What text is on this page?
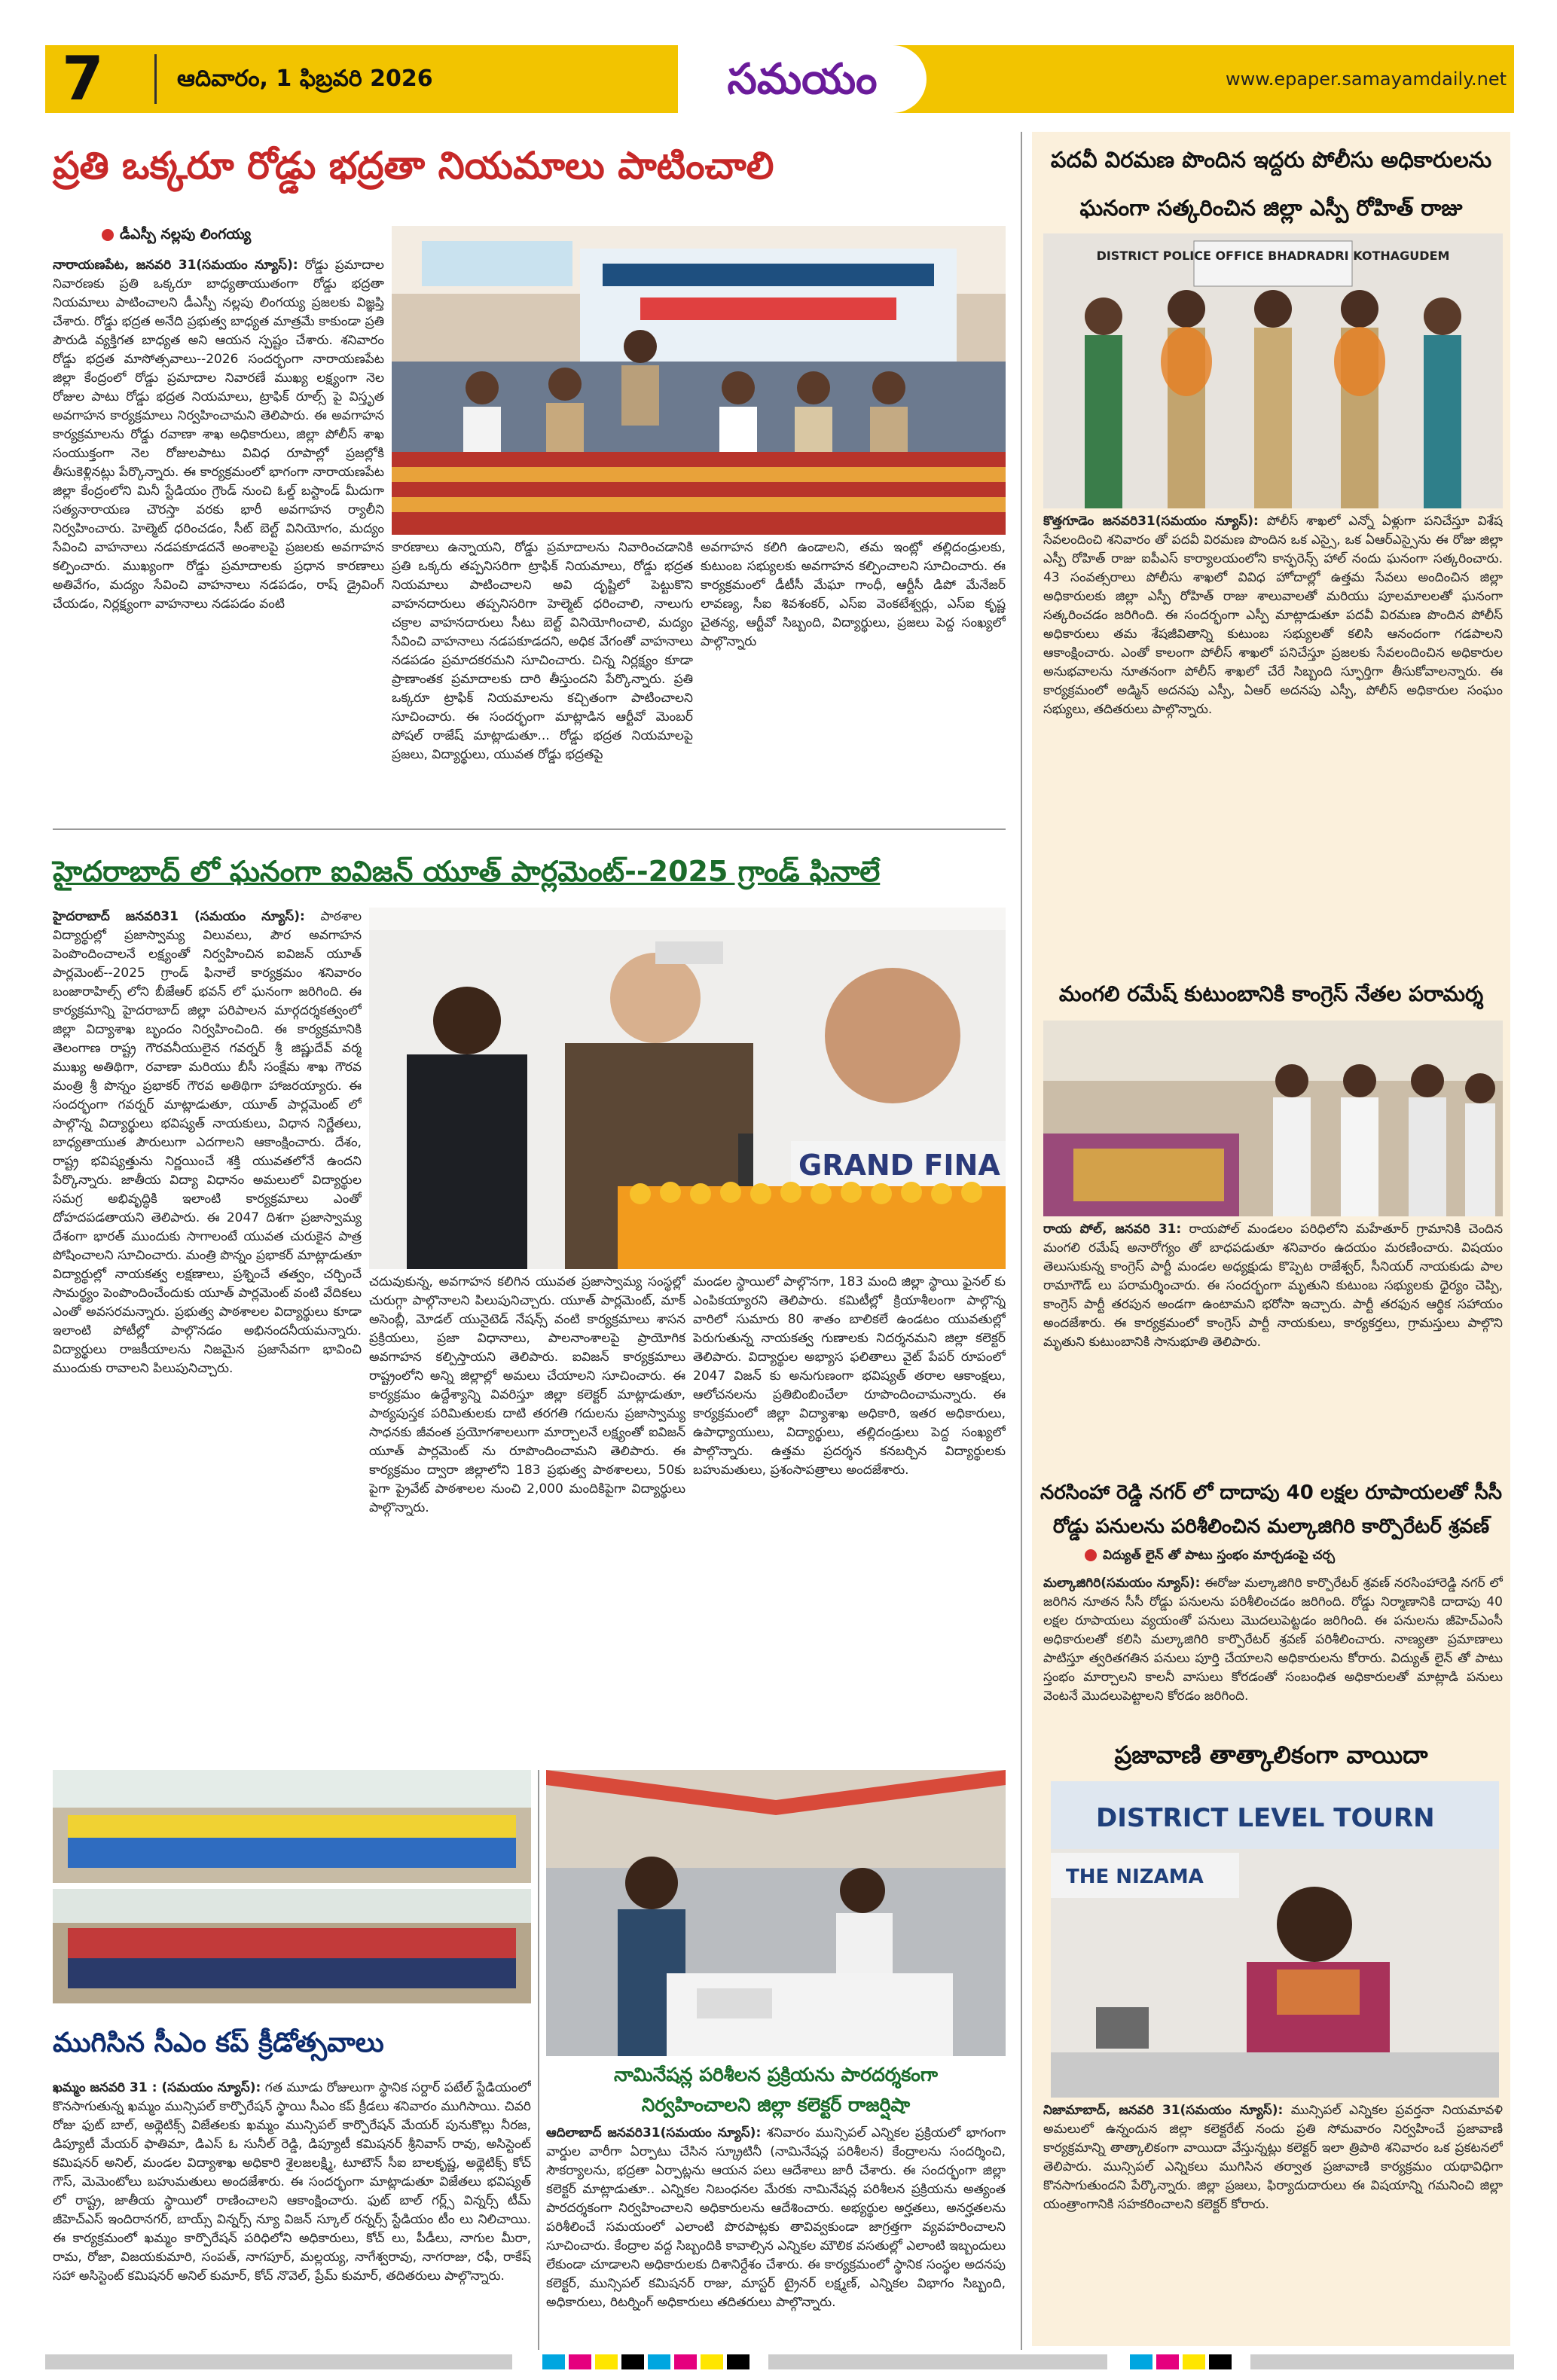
7	ఆదివారం, 1 ఫిబ్రవరి 2026	సమయం	www.epaper.samayamdaily.net
ప్రతి ఒక్కరూ రోడ్డు భద్రతా నియమాలు పాటించాలి
డీఎస్పీ నల్లపు లింగయ్య
నారాయణపేట, జనవరి 31(సమయం న్యూస్): రోడ్డు ప్రమాదాల నివారణకు ప్రతి ఒక్కరూ బాధ్యతాయుతంగా రోడ్డు భద్రతా నియమాలు పాటించాలని డీఎస్పీ నల్లపు లింగయ్య ప్రజలకు విజ్ఞప్తి చేశారు. రోడ్డు భద్రత అనేది ప్రభుత్వ బాధ్యత మాత్రమే కాకుండా ప్రతి పౌరుడి వ్యక్తిగత బాధ్యత అని ఆయన స్పష్టం చేశారు. శనివారం రోడ్డు భద్రత మాసోత్సవాలు--2026 సందర్భంగా నారాయణపేట జిల్లా కేంద్రంలో రోడ్డు ప్రమాదాల నివారణే ముఖ్య లక్ష్యంగా నెల రోజుల పాటు రోడ్డు భద్రత నియమాలు, ట్రాఫిక్ రూల్స్ పై విస్తృత అవగాహన కార్యక్రమాలు నిర్వహించామని తెలిపారు. ఈ అవగాహన కార్యక్రమాలను రోడ్డు రవాణా శాఖ అధికారులు, జిల్లా పోలీస్ శాఖ సంయుక్తంగా నెల రోజులపాటు వివిధ రూపాల్లో ప్రజల్లోకి తీసుకెళ్లినట్లు పేర్కొన్నారు. ఈ కార్యక్రమంలో భాగంగా నారాయణపేట జిల్లా కేంద్రంలోని మినీ స్టేడియం గ్రౌండ్ నుంచి ఓల్డ్ బస్టాండ్ మీదుగా సత్యనారాయణ చౌరస్తా వరకు భారీ అవగాహన ర్యాలీని నిర్వహించారు. హెల్మెట్ ధరించడం, సీట్ బెల్ట్ వినియోగం, మద్యం సేవించి వాహనాలు నడపకూడదనే అంశాలపై ప్రజలకు అవగాహన కల్పించారు. ముఖ్యంగా రోడ్డు ప్రమాదాలకు ప్రధాన కారణాలు అతివేగం, మద్యం సేవించి వాహనాలు నడపడం, రాష్ డ్రైవింగ్ చేయడం, నిర్లక్ష్యంగా వాహనాలు నడపడం వంటి
కారణాలు ఉన్నాయని, రోడ్డు ప్రమాదాలను నివారించడానికి ప్రతి ఒక్కరు తప్పనిసరిగా ట్రాఫిక్ నియమాలు, రోడ్డు భద్రత నియమాలు పాటించాలని అవి దృష్టిలో పెట్టుకొని వాహనదారులు తప్పనిసరిగా హెల్మెట్ ధరించాలి, నాలుగు చక్రాల వాహనదారులు సీటు బెల్ట్ వినియోగించాలి, మద్యం సేవించి వాహనాలు నడపకూడదని, అధిక వేగంతో వాహనాలు నడపడం ప్రమాదకరమని సూచించారు. చిన్న నిర్లక్ష్యం కూడా ప్రాణాంతక ప్రమాదాలకు దారి తీస్తుందని పేర్కొన్నారు. ప్రతి ఒక్కరూ ట్రాఫిక్ నియమాలను కచ్చితంగా పాటించాలని సూచించారు. ఈ సందర్భంగా మాట్లాడిన ఆర్టీవో మెంబర్ పోషల్ రాజేష్ మాట్లాడుతూ... రోడ్డు భద్రత నియమాలపై ప్రజలు, విద్యార్థులు, యువత రోడ్డు భద్రతపై
అవగాహన కలిగి ఉండాలని, తమ ఇంట్లో తల్లిదండ్రులకు, కుటుంబ సభ్యులకు అవగాహన కల్పించాలని సూచించారు. ఈ కార్యక్రమంలో డీటీసీ మేఘా గాంధీ, ఆర్టీసీ డిపో మేనేజర్ లావణ్య, సీఐ శివశంకర్, ఎస్ఐ వెంకటేశ్వర్లు, ఎస్ఐ కృష్ణ చైతన్య, ఆర్టీవో సిబ్బంది, విద్యార్థులు, ప్రజలు పెద్ద సంఖ్యలో పాల్గొన్నారు
పదవీ విరమణ పొందిన ఇద్దరు పోలీసు అధికారులను ఘనంగా సత్కరించిన జిల్లా ఎస్పీ రోహిత్ రాజు
DISTRICT POLICE OFFICE BHADRADRI KOTHAGUDEM
కొత్తగూడెం జనవరి31(సమయం న్యూస్): పోలీస్ శాఖలో ఎన్నో ఏళ్లుగా పనిచేస్తూ విశేష సేవలందించి శనివారం తో పదవీ విరమణ పొందిన ఒక ఎస్సై, ఒక ఏఆర్ఎస్సైను ఈ రోజు జిల్లా ఎస్పీ రోహిత్ రాజు ఐపీఎస్ కార్యాలయంలోని కాన్ఫరెన్స్ హాల్ నందు ఘనంగా సత్కరించారు. 43 సంవత్సరాలు పోలీసు శాఖలో వివిధ హోదాల్లో ఉత్తమ సేవలు అందించిన జిల్లా అధికారులకు జిల్లా ఎస్పీ రోహిత్ రాజు శాలువాలతో మరియు పూలమాలలతో ఘనంగా సత్కరించడం జరిగింది. ఈ సందర్భంగా ఎస్పీ మాట్లాడుతూ పదవీ విరమణ పొందిన పోలీస్ అధికారులు తమ శేషజీవితాన్ని కుటుంబ సభ్యులతో కలిసి ఆనందంగా గడపాలని ఆకాంక్షించారు. ఎంతో కాలంగా పోలీస్ శాఖలో పనిచేస్తూ ప్రజలకు సేవలందించిన అధికారుల అనుభవాలను నూతనంగా పోలీస్ శాఖలో చేరే సిబ్బంది స్ఫూర్తిగా తీసుకోవాలన్నారు. ఈ కార్యక్రమంలో అడ్మిన్ అదనపు ఎస్పీ, ఏఆర్ అదనపు ఎస్పీ, పోలీస్ అధికారుల సంఘం సభ్యులు, తదితరులు పాల్గొన్నారు.
మంగలి రమేష్ కుటుంబానికి కాంగ్రెస్ నేతల పరామర్శ
రాయ పోల్, జనవరి 31: రాయపోల్ మండలం పరిధిలోని మహేతూర్ గ్రామానికి చెందిన మంగలి రమేష్ అనారోగ్యం తో బాధపడుతూ శనివారం ఉదయం మరణించారు. విషయం తెలుసుకున్న కాంగ్రెస్ పార్టీ మండల అధ్యక్షుడు కొప్పెట రాజేశ్వర్, సీనియర్ నాయకుడు పాల రామాగౌడ్ లు పరామర్శించారు. ఈ సందర్భంగా మృతుని కుటుంబ సభ్యులకు ధైర్యం చెప్పి, కాంగ్రెస్ పార్టీ తరపున అండగా ఉంటామని భరోసా ఇచ్చారు. పార్టీ తరఫున ఆర్థిక సహాయం అందజేశారు. ఈ కార్యక్రమంలో కాంగ్రెస్ పార్టీ నాయకులు, కార్యకర్తలు, గ్రామస్తులు పాల్గొని మృతుని కుటుంబానికి సానుభూతి తెలిపారు.
నరసింహా రెడ్డి నగర్ లో దాదాపు 40 లక్షల రూపాయలతో సీసీ రోడ్డు పనులను పరిశీలించిన మల్కాజిగిరి కార్పొరేటర్ శ్రవణ్
విద్యుత్ లైన్ తో పాటు స్తంభం మార్చడంపై చర్చ
మల్కాజిగిరి(సమయం న్యూస్): ఈరోజు మల్కాజిగిరి కార్పొరేటర్ శ్రవణ్ నరసింహారెడ్డి నగర్ లో జరిగిన నూతన సీసీ రోడ్డు పనులను పరిశీలించడం జరిగింది. రోడ్డు నిర్మాణానికి దాదాపు 40 లక్షల రూపాయలు వ్యయంతో పనులు మొదలుపెట్టడం జరిగింది. ఈ పనులను జీహెచ్ఎంసీ అధికారులతో కలిసి మల్కాజిగిరి కార్పొరేటర్ శ్రవణ్ పరిశీలించారు. నాణ్యతా ప్రమాణాలు పాటిస్తూ త్వరితగతిన పనులు పూర్తి చేయాలని అధికారులను కోరారు. విద్యుత్ లైన్ తో పాటు స్తంభం మార్చాలని కాలనీ వాసులు కోరడంతో సంబంధిత అధికారులతో మాట్లాడి పనులు వెంటనే మొదలుపెట్టాలని కోరడం జరిగింది.
ప్రజావాణి తాత్కాలికంగా వాయిదా
DISTRICT LEVEL TOURN
THE NIZAMA
నిజామాబాద్, జనవరి 31(సమయం న్యూస్): మున్సిపల్ ఎన్నికల ప్రవర్తనా నియమావళి అమలులో ఉన్నందున జిల్లా కలెక్టరేట్ నందు ప్రతి సోమవారం నిర్వహించే ప్రజావాణి కార్యక్రమాన్ని తాత్కాలికంగా వాయిదా వేస్తున్నట్లు కలెక్టర్ ఇలా త్రిపాఠి శనివారం ఒక ప్రకటనలో తెలిపారు. మున్సిపల్ ఎన్నికలు ముగిసిన తర్వాత ప్రజావాణి కార్యక్రమం యథావిధిగా కొనసాగుతుందని పేర్కొన్నారు. జిల్లా ప్రజలు, ఫిర్యాదుదారులు ఈ విషయాన్ని గమనించి జిల్లా యంత్రాంగానికి సహకరించాలని కలెక్టర్ కోరారు.
హైదరాబాద్ లో ఘనంగా ఐవిజన్ యూత్ పార్లమెంట్--2025 గ్రాండ్ ఫినాలే
హైదరాబాద్ జనవరి31 (సమయం న్యూస్): పాఠశాల విద్యార్థుల్లో ప్రజాస్వామ్య విలువలు, పౌర అవగాహన పెంపొందించాలనే లక్ష్యంతో నిర్వహించిన ఐవిజన్ యూత్ పార్లమెంట్--2025 గ్రాండ్ ఫినాలే కార్యక్రమం శనివారం బంజారాహిల్స్ లోని బీజేఆర్ భవన్ లో ఘనంగా జరిగింది. ఈ కార్యక్రమాన్ని హైదరాబాద్ జిల్లా పరిపాలన మార్గదర్శకత్వంలో జిల్లా విద్యాశాఖ బృందం నిర్వహించింది. ఈ కార్యక్రమానికి తెలంగాణ రాష్ట్ర గౌరవనీయులైన గవర్నర్ శ్రీ జిష్ణుదేవ్ వర్మ ముఖ్య అతిథిగా, రవాణా మరియు బీసీ సంక్షేమ శాఖ గౌరవ మంత్రి శ్రీ పొన్నం ప్రభాకర్ గౌరవ అతిథిగా హాజరయ్యారు. ఈ సందర్భంగా గవర్నర్ మాట్లాడుతూ, యూత్ పార్లమెంట్ లో పాల్గొన్న విద్యార్థులు భవిష్యత్ నాయకులు, విధాన నిర్ణేతలు, బాధ్యతాయుత పౌరులుగా ఎదగాలని ఆకాంక్షించారు. దేశం, రాష్ట్ర భవిష్యత్తును నిర్ణయించే శక్తి యువతలోనే ఉందని పేర్కొన్నారు. జాతీయ విద్యా విధానం అమలులో విద్యార్థుల సమగ్ర అభివృద్ధికి ఇలాంటి కార్యక్రమాలు ఎంతో దోహదపడతాయని తెలిపారు. ఈ 2047 దిశగా ప్రజాస్వామ్య దేశంగా భారత్ ముందుకు సాగాలంటే యువత చురుకైన పాత్ర పోషించాలని సూచించారు. మంత్రి పొన్నం ప్రభాకర్ మాట్లాడుతూ విద్యార్థుల్లో నాయకత్వ లక్షణాలు, ప్రశ్నించే తత్వం, చర్చించే సామర్థ్యం పెంపొందించేందుకు యూత్ పార్లమెంట్ వంటి వేదికలు ఎంతో అవసరమన్నారు. ప్రభుత్వ పాఠశాలల విద్యార్థులు కూడా ఇలాంటి పోటీల్లో పాల్గొనడం అభినందనీయమన్నారు. విద్యార్థులు రాజకీయాలను నిజమైన ప్రజాసేవగా భావించి ముందుకు రావాలని పిలుపునిచ్చారు.
GRAND FINA
చదువుకున్న, అవగాహన కలిగిన యువత ప్రజాస్వామ్య సంస్థల్లో చురుగ్గా పాల్గొనాలని పిలుపునిచ్చారు. యూత్ పార్లమెంట్, మాక్ అసెంబ్లీ, మోడల్ యునైటెడ్ నేషన్స్ వంటి కార్యక్రమాలు శాసన ప్రక్రియలు, ప్రజా విధానాలు, పాలనాంశాలపై ప్రాయోగిక అవగాహన కల్పిస్తాయని తెలిపారు. ఐవిజన్ కార్యక్రమాలు రాష్ట్రంలోని అన్ని జిల్లాల్లో అమలు చేయాలని సూచించారు. ఈ కార్యక్రమం ఉద్దేశ్యాన్ని వివరిస్తూ జిల్లా కలెక్టర్ మాట్లాడుతూ, పాఠ్యపుస్తక పరిమితులకు దాటి తరగతి గదులను ప్రజాస్వామ్య సాధనకు జీవంత ప్రయోగశాలలుగా మార్చాలనే లక్ష్యంతో ఐవిజన్ యూత్ పార్లమెంట్ ను రూపొందించామని తెలిపారు. ఈ కార్యక్రమం ద్వారా జిల్లాలోని 183 ప్రభుత్వ పాఠశాలలు, 50కు పైగా ప్రైవేట్ పాఠశాలల నుంచి 2,000 మందికిపైగా విద్యార్థులు పాల్గొన్నారు.
మండల స్థాయిలో పాల్గొనగా, 183 మంది జిల్లా స్థాయి ఫైనల్ కు ఎంపికయ్యారని తెలిపారు. కమిటీల్లో క్రియాశీలంగా పాల్గొన్న వారిలో సుమారు 80 శాతం బాలికలే ఉండటం యువతుల్లో పెరుగుతున్న నాయకత్వ గుణాలకు నిదర్శనమని జిల్లా కలెక్టర్ తెలిపారు. విద్యార్థుల అభ్యాస ఫలితాలు వైట్ పేపర్ రూపంలో 2047 విజన్ కు అనుగుణంగా భవిష్యత్ తరాల ఆకాంక్షలు, ఆలోచనలను ప్రతిబింబించేలా రూపొందించామన్నారు. ఈ కార్యక్రమంలో జిల్లా విద్యాశాఖ అధికారి, ఇతర అధికారులు, ఉపాధ్యాయులు, విద్యార్థులు, తల్లిదండ్రులు పెద్ద సంఖ్యలో పాల్గొన్నారు. ఉత్తమ ప్రదర్శన కనబర్చిన విద్యార్థులకు బహుమతులు, ప్రశంసాపత్రాలు అందజేశారు.
ముగిసిన సీఎం కప్ క్రీడోత్సవాలు
నామినేషన్ల పరిశీలన ప్రక్రియను పారదర్శకంగా
నిర్వహించాలని జిల్లా కలెక్టర్ రాజర్షిషా
ఖమ్మం జనవరి 31 : (సమయం న్యూస్): గత మూడు రోజులుగా స్థానిక సర్దార్ పటేల్ స్టేడియంలో కొనసాగుతున్న ఖమ్మం మున్సిపల్ కార్పొరేషన్ స్థాయి సీఎం కప్ క్రీడలు శనివారం ముగిసాయి. చివరి రోజు ఫుట్ బాల్, అథ్లెటిక్స్ విజేతలకు ఖమ్మం మున్సిపల్ కార్పొరేషన్ మేయర్ పునుకొల్లు నీరజ, డిప్యూటీ మేయర్ ఫాతిమా, డిఎస్ ఓ సునీల్ రెడ్డి, డిప్యూటీ కమిషనర్ శ్రీనివాస్ రావు, అసిస్టెంట్ కమిషనర్ అనిల్, మండల విద్యాశాఖ అధికారి శైలజలక్ష్మి, టూటౌన్ సీఐ బాలకృష్ణ, అథ్లెటిక్స్ కోచ్ గౌస్, మెమెంటోలు బహుమతులు అందజేశారు. ఈ సందర్భంగా మాట్లాడుతూ విజేతలు భవిష్యత్ లో రాష్ట్ర, జాతీయ స్థాయిలో రాణించాలని ఆకాంక్షించారు. ఫుట్ బాల్ గర్ల్స్ విన్నర్స్ టీమ్ జీహెచ్ఎస్ ఇందిరానగర్, బాయ్స్ విన్నర్స్ న్యూ విజన్ స్కూల్ రన్నర్స్ స్టేడియం టీం లు నిలిచాయి. ఈ కార్యక్రమంలో ఖమ్మం కార్పొరేషన్ పరిధిలోని అధికారులు, కోచ్ లు, పీడీలు, నాగుల మీరా, రామ, రోజా, విజయకుమారి, సంపత్, నాగపూర్, మల్లయ్య, నాగేశ్వరావు, నాగరాజు, రఫీ, రాకేష్ సహా అసిస్టెంట్ కమిషనర్ అనిల్ కుమార్, కోచ్ నొవెల్, ప్రేమ్ కుమార్, తదితరులు పాల్గొన్నారు.
ఆదిలాబాద్ జనవరి31(సమయం న్యూస్): శనివారం మున్సిపల్ ఎన్నికల ప్రక్రియలో భాగంగా వార్డుల వారీగా ఏర్పాటు చేసిన స్క్రూటినీ (నామినేషన్ల పరిశీలన) కేంద్రాలను సందర్శించి, సౌకర్యాలను, భద్రతా ఏర్పాట్లను ఆయన పలు ఆదేశాలు జారీ చేశారు. ఈ సందర్భంగా జిల్లా కలెక్టర్ మాట్లాడుతూ.. ఎన్నికల నిబంధనల మేరకు నామినేషన్ల పరిశీలన ప్రక్రియను అత్యంత పారదర్శకంగా నిర్వహించాలని అధికారులను ఆదేశించారు. అభ్యర్థుల అర్హతలు, అనర్హతలను పరిశీలించే సమయంలో ఎలాంటి పొరపాట్లకు తావివ్వకుండా జాగ్రత్తగా వ్యవహరించాలని సూచించారు. కేంద్రాల వద్ద సిబ్బందికి కావాల్సిన ఎన్నికల మౌలిక వసతుల్లో ఎలాంటి ఇబ్బందులు లేకుండా చూడాలని అధికారులకు దిశానిర్దేశం చేశారు. ఈ కార్యక్రమంలో స్థానిక సంస్థల అదనపు కలెక్టర్, మున్సిపల్ కమిషనర్ రాజు, మాస్టర్ ట్రైనర్ లక్ష్మణ్, ఎన్నికల విభాగం సిబ్బంది, అధికారులు, రిటర్నింగ్ అధికారులు తదితరులు పాల్గొన్నారు.
